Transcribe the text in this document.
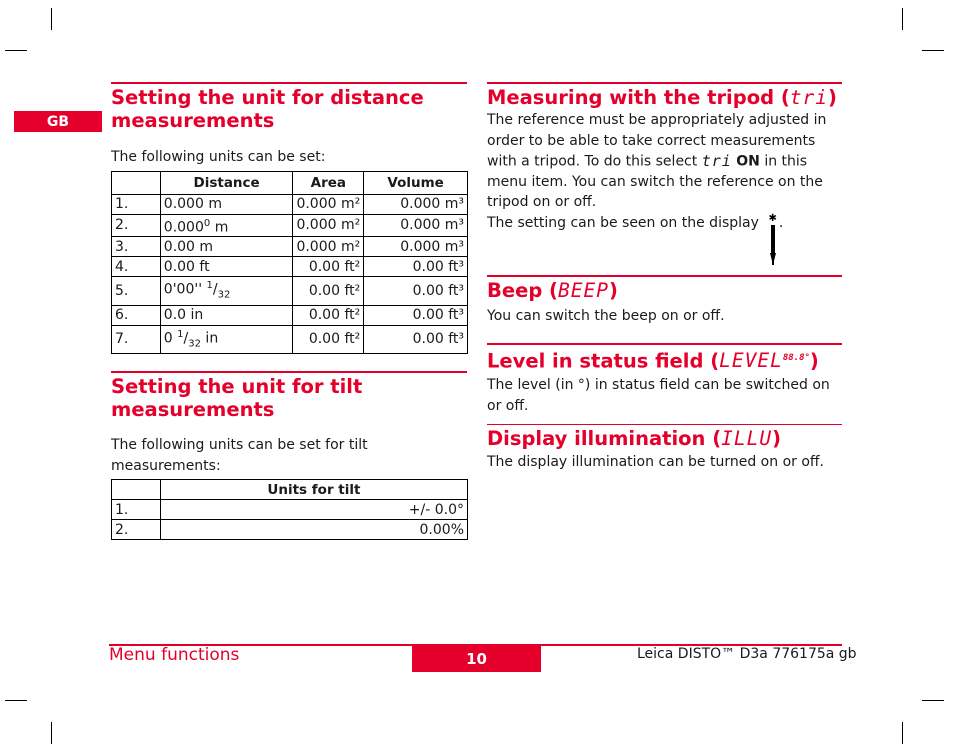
GB
Setting the unit for distance measurements

The following units can be set:

	Distance	Area	Volume
1.	0.000 m	0.000 m²	0.000 m³
2.	0.000$^0$ m	0.000 m²	0.000 m³
3.	0.00 m	0.000 m²	0.000 m³
4.	0.00 ft	0.00 ft²	0.00 ft³
5.	0'00'' $^1/_{32}$	0.00 ft²	0.00 ft³
6.	0.0 in	0.00 ft²	0.00 ft³
7.	0 $^1/_{32}$ in	0.00 ft²	0.00 ft³
Setting the unit for tilt measurements

The following units can be set for tilt measurements:

	Units for tilt
1.	+/- 0.0°
2.	0.00%
Measuring with the tripod (tri)

The reference must be appropriately adjusted in order to be able to take correct measurements with a tripod. To do this select tri ON in this menu item. You can switch the reference on the tripod on or off.

The setting can be seen on the display ✱ .

Beep (BEEP)

You can switch the beep on or off.

Level in status field $(LEVEL^{88.8^\circ})$

The level (in °) in status field can be switched on or off.

Display illumination (ILLU)

The display illumination can be turned on or off.

Menu functions	10	Leica DISTO™ D3a 776175a gb
